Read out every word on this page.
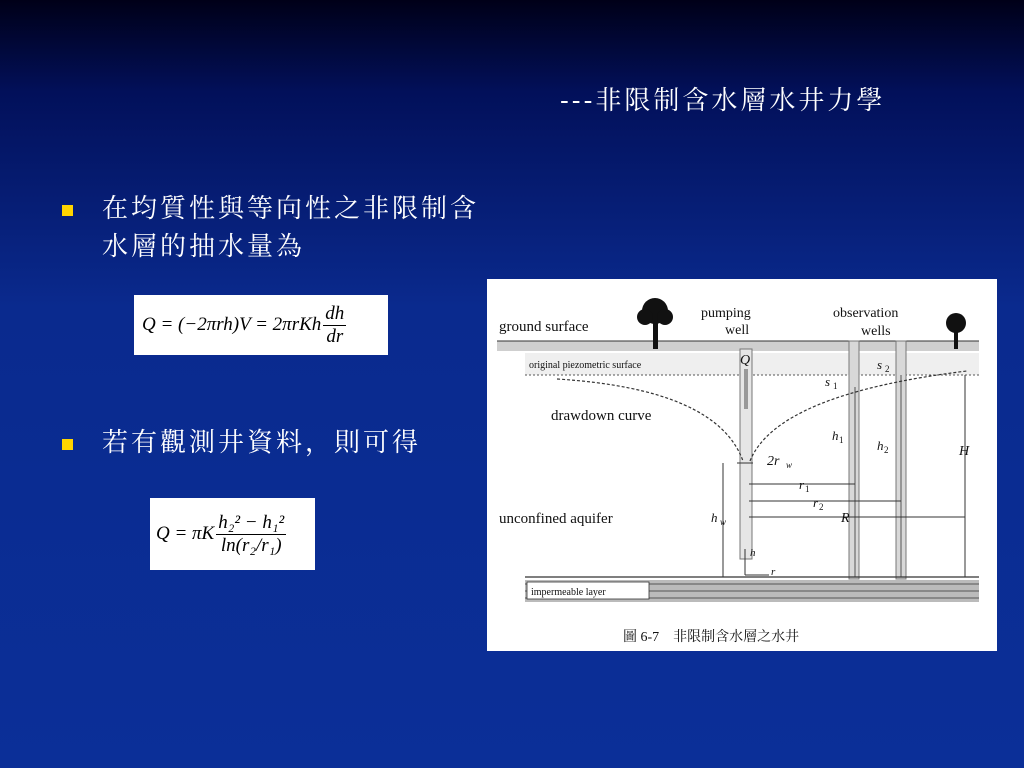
---非限制含水層水井力學
在均質性與等向性之非限制含水層的抽水量為
$Q = (-2\pi rh)V = 2\pi rKh \frac{dh}{dr}$
若有觀測井資料，則可得
Q = πK $\frac{\text{h₂² − h₁²}}{\text{ln(r₂/r₁)}}$
ground surface
pumping
well
observation
wells
original piezometric surface	Q
s 1
s 2
drawdown curve
h 1	h 2	H
2r w
r 1
r 2
R
unconfined aquifer	h w
h
r
impermeable layer
圖 6-7　非限制含水層之水井
